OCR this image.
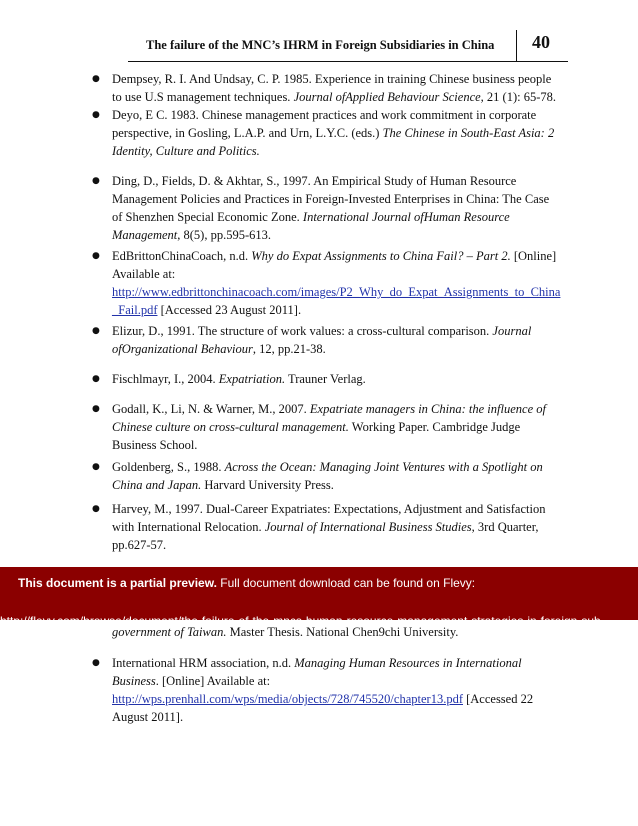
The failure of the MNC’s IHRM in Foreign Subsidiaries in China 40
● Dempsey, R. I. And Undsay, C. P. 1985. Experience in training Chinese business people
to use U.S management techniques. Journal ofApplied Behaviour Science, 21 (1): 65-78.
● Deyo, E C. 1983. Chinese management practices and work commitment in corporate
perspective, in Gosling, L.A.P. and Urn, L.Y.C. (eds.) The Chinese in South-East Asia: 2
Identity, Culture and Politics.
● Ding, D., Fields, D. & Akhtar, S., 1997. An Empirical Study of Human Resource
Management Policies and Practices in Foreign-Invested Enterprises in China: The Case
of Shenzhen Special Economic Zone. International Journal ofHuman Resource
Management, 8(5), pp.595-613.
● EdBrittonChinaCoach, n.d. Why do Expat Assignments to China Fail? – Part 2. [Online]
Available at:
http://www.edbrittonchinacoach.com/images/P2_Why_do_Expat_Assignments_to_China
_Fail.pdf [Accessed 23 August 2011].
● Elizur, D., 1991. The structure of work values: a cross-cultural comparison. Journal
ofOrganizational Behaviour, 12, pp.21-38.
● Fischlmayr, I., 2004. Expatriation. Trauner Verlag.
● Godall, K., Li, N. & Warner, M., 2007. Expatriate managers in China: the influence of
Chinese culture on cross-cultural management. Working Paper. Cambridge Judge
Business School.
● Goldenberg, S., 1988. Across the Ocean: Managing Joint Ventures with a Spotlight on
China and Japan. Harvard University Press.
● Harvey, M., 1997. Dual-Career Expatriates: Expectations, Adjustment and Satisfaction
with International Relocation. Journal of International Business Studies, 3rd Quarter,
pp.627-57.
● International HRM association, n.d. Managing Human Resources in International
Business. [Online] Available at:
http://wps.prenhall.com/wps/media/objects/728/745520/chapter13.pdf [Accessed 22
August 2011].
This document is a partial preview. Full document download can be found on Flevy:
http://flevy.com/browse/document/the-failure-of-the-mncs-human-resource-management-strategies-in-foreign-sub
government of Taiwan. Master Thesis. National Chen9chi University.
